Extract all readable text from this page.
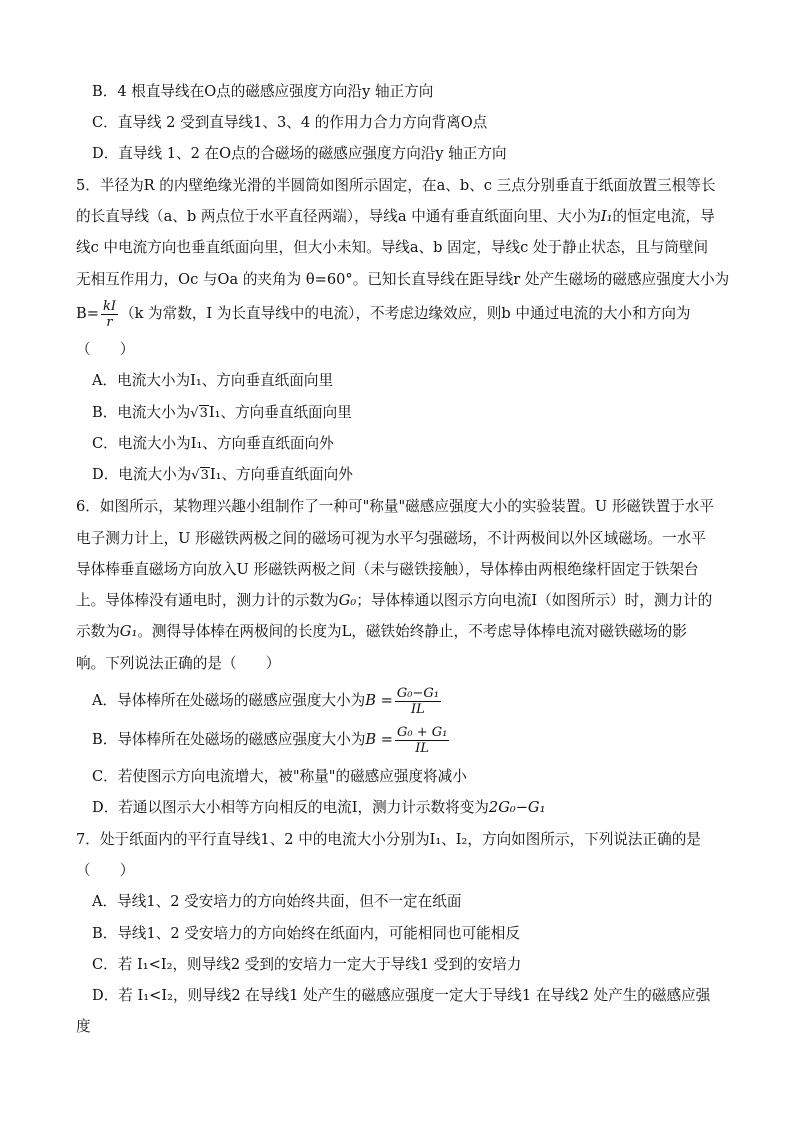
B．4 根直导线在O点的磁感应强度方向沿y 轴正方向
C．直导线 2 受到直导线1、3、4 的作用力合力方向背离O点
D．直导线 1、2 在O点的合磁场的磁感应强度方向沿y 轴正方向
5．半径为R 的内壁绝缘光滑的半圆筒如图所示固定，在a、b、c 三点分别垂直于纸面放置三根等长
的长直导线（a、b 两点位于水平直径两端），导线a 中通有垂直纸面向里、大小为I₁的恒定电流，导
线c 中电流方向也垂直纸面向里，但大小未知。导线a、b 固定，导线c 处于静止状态，且与筒壁间
无相互作用力，Oc 与Oa 的夹角为 θ=60°。已知长直导线在距导线r 处产生磁场的磁感应强度大小为
$B= \frac{kI}{r} (k$ 为常数，I 为长直导线中的电流），不考虑边缘效应，则b 中通过电流的大小和方向为
（　　）
A．电流大小为I₁、方向垂直纸面向里
B．电流大小为√3I₁、方向垂直纸面向里
C．电流大小为I₁、方向垂直纸面向外
D．电流大小为√3I₁、方向垂直纸面向外
6．如图所示，某物理兴趣小组制作了一种可"称量"磁感应强度大小的实验装置。U 形磁铁置于水平
电子测力计上，U 形磁铁两极之间的磁场可视为水平匀强磁场，不计两极间以外区域磁场。一水平
导体棒垂直磁场方向放入U 形磁铁两极之间（未与磁铁接触），导体棒由两根绝缘杆固定于铁架台
上。导体棒没有通电时，测力计的示数为G₀；导体棒通以图示方向电流I（如图所示）时，测力计的
示数为G₁。测得导体棒在两极间的长度为L，磁铁始终静止，不考虑导体棒电流对磁铁磁场的影
响。下列说法正确的是（　　）
A．导体棒所在处磁场的磁感应强度大小为$B = \frac{\text{G₀−G₁}}{IL}$
B．导体棒所在处磁场的磁感应强度大小为$B = \frac{\text{G₀ + G₁}}{IL}$
C．若使图示方向电流增大，被"称量"的磁感应强度将减小
D．若通以图示大小相等方向相反的电流I，测力计示数将变为2G₀−G₁
7．处于纸面内的平行直导线1、2 中的电流大小分别为I₁、I₂，方向如图所示，下列说法正确的是
（　　）
A．导线1、2 受安培力的方向始终共面，但不一定在纸面
B．导线1、2 受安培力的方向始终在纸面内，可能相同也可能相反
C．若 I₁<I₂，则导线2 受到的安培力一定大于导线1 受到的安培力
D．若 I₁<I₂，则导线2 在导线1 处产生的磁感应强度一定大于导线1 在导线2 处产生的磁感应强
度
